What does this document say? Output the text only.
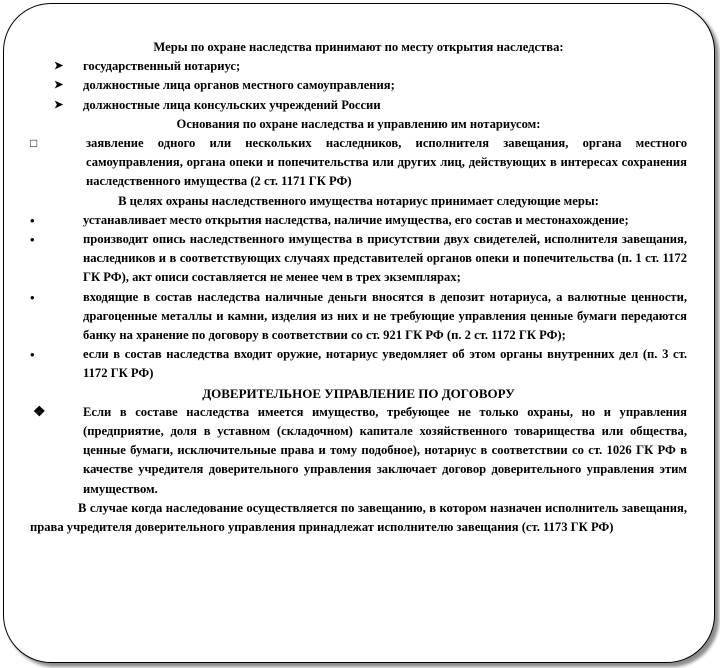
Меры по охране наследства принимают по месту открытия наследства:

➤ государственный нотариус;
➤ должностные лица органов местного самоуправления;
➤ должностные лица консульских учреждений России

Основания по охране наследства и управлению им нотариусом:

□	заявление одного или нескольких наследников, исполнителя завещания, органа местного самоуправления, органа опеки и попечительства или других лиц, действующих в интересах сохранения наследственного имущества (2 ст. 1171 ГК РФ)

В целях охраны наследственного имущества нотариус принимает следующие меры:

•	устанавливает место открытия наследства, наличие имущества, его состав и местонахождение;
•	производит опись наследственного имущества в присутствии двух свидетелей, исполнителя завещания, наследников и в соответствующих случаях представителей органов опеки и попечительства (п. 1 ст. 1172 ГК РФ), акт описи составляется не менее чем в трех экземплярах;
•	входящие в состав наследства наличные деньги вносятся в депозит нотариуса, а валютные ценности, драгоценные металлы и камни, изделия из них и не требующие управления ценные бумаги передаются банку на хранение по договору в соответствии со ст. 921 ГК РФ (п. 2 ст. 1172 ГК РФ);
•	если в состав наследства входит оружие, нотариус уведомляет об этом органы внутренних дел (п. 3 ст. 1172 ГК РФ)

ДОВЕРИТЕЛЬНОЕ УПРАВЛЕНИЕ ПО ДОГОВОРУ

❖	Если в составе наследства имеется имущество, требующее не только охраны, но и управления (предприятие, доля в уставном (складочном) капитале хозяйственного товарищества или общества, ценные бумаги, исключительные права и тому подобное), нотариус в соответствии со ст. 1026 ГК РФ в качестве учредителя доверительного управления заключает договор доверительного управления этим имуществом.

В случае когда наследование осуществляется по завещанию, в котором назначен исполнитель завещания, права учредителя доверительного управления принадлежат исполнителю завещания (ст. 1173 ГК РФ)
